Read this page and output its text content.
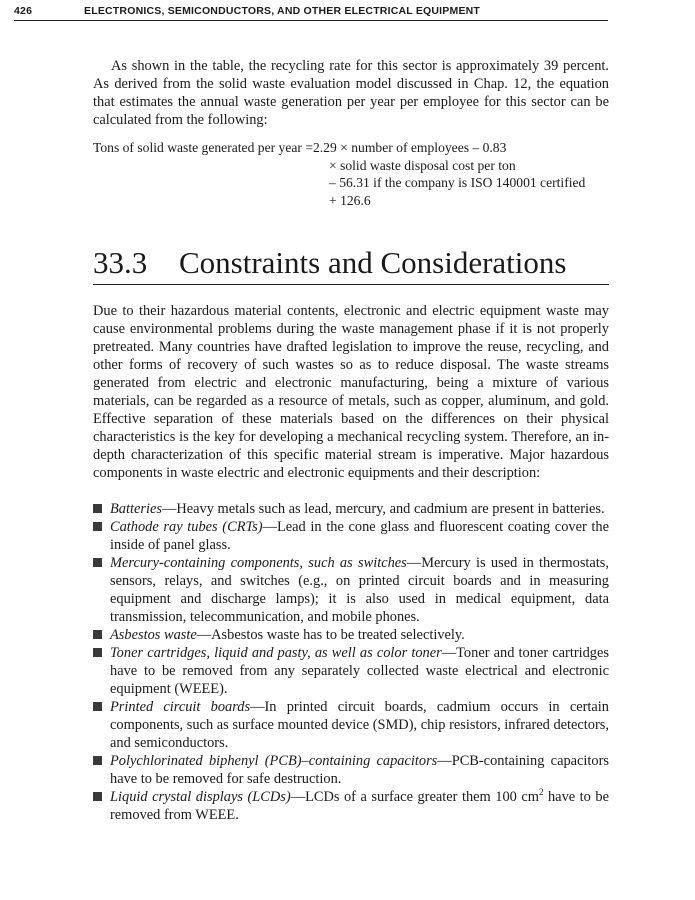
426	ELECTRONICS, SEMICONDUCTORS, AND OTHER ELECTRICAL EQUIPMENT

As shown in the table, the recycling rate for this sector is approximately 39 percent. As derived from the solid waste evaluation model discussed in Chap. 12, the equation that estimates the annual waste generation per year per employee for this sector can be calculated from the following:

Tons of solid waste generated per year = 2.29 × number of employees – 0.83
× solid waste disposal cost per ton
– 56.31 if the company is ISO 140001 certified
+ 126.6
33.3	Constraints and Considerations

Due to their hazardous material contents, electronic and electric equipment waste may cause environmental problems during the waste management phase if it is not properly pretreated. Many countries have drafted legislation to improve the reuse, recycling, and other forms of recovery of such wastes so as to reduce disposal. The waste streams generated from electric and electronic manufacturing, being a mixture of various materials, can be regarded as a resource of metals, such as copper, aluminum, and gold. Effective separation of these materials based on the differences on their physical characteristics is the key for developing a mechanical recycling system. Therefore, an in-depth characterization of this specific material stream is imperative. Major hazardous components in waste electric and electronic equipments and their description:

Batteries—Heavy metals such as lead, mercury, and cadmium are present in batteries.
Cathode ray tubes (CRTs)—Lead in the cone glass and fluorescent coating cover the inside of panel glass.
Mercury-containing components, such as switches—Mercury is used in thermostats, sensors, relays, and switches (e.g., on printed circuit boards and in measuring equipment and discharge lamps); it is also used in medical equipment, data transmission, telecommunication, and mobile phones.
Asbestos waste—Asbestos waste has to be treated selectively.
Toner cartridges, liquid and pasty, as well as color toner—Toner and toner cartridges have to be removed from any separately collected waste electrical and electronic equipment (WEEE).
Printed circuit boards—In printed circuit boards, cadmium occurs in certain components, such as surface mounted device (SMD), chip resistors, infrared detectors, and semiconductors.
Polychlorinated biphenyl (PCB)–containing capacitors—PCB-containing capacitors have to be removed for safe destruction.
Liquid crystal displays (LCDs)—LCDs of a surface greater them 100 $cm^2$ have to be removed from WEEE.
